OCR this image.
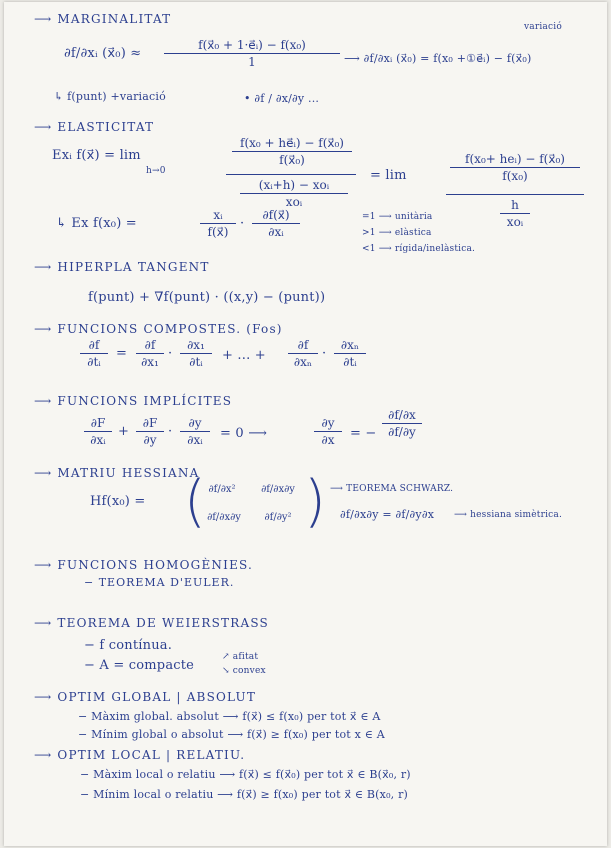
⟶ MARGINALITAT
∂f/∂xᵢ (x⃗₀) ≈ $\frac{\text{f(x⃗₀ + 1·e⃗ᵢ) − f(x₀)}}{1}$ ⟶ ∂f/∂xᵢ (x⃗₀) = f(x₀ +①e⃗ᵢ) − f(x⃗₀)
variació
↳ f(punt) +variació	• ∂f / ∂x/∂y ...
⟶ ELASTICITAT
Exᵢ f(x⃗) = lim
h→0
$\frac{\text{f(x₀ + he⃗ᵢ) − f(x⃗₀)}}{\text{f(x⃗₀)}}$
(xᵢ+h) − xoᵢ
xoᵢ
= lim
f(x₀+ heᵢ) − f(x⃗₀)
f(x₀)
h
xoᵢ
↳ Ex f(x₀) =	$\frac{\text{xᵢ}}{f(x⃗)} \cdot \frac{\partial f(x⃗)}{\text{∂xᵢ}}$	=1 ⟶ unitària
>1 ⟶ elàstica
<1 ⟶ rígida/inelàstica.
⟶ HIPERPLA TANGENT
f(punt) + ∇f(punt) · ((x,y) − (punt))
⟶ FUNCIONS COMPOSTES. (Fos)
$\frac{\partial f}{\text{∂tᵢ}} = \frac{\partial f}{\text{∂x₁}} \cdot \frac{\text{∂x₁}}{\text{∂tᵢ}}$ + ... + $\frac{\partial f}{\text{∂xₙ}} \cdot \frac{\text{∂xₙ}}{\text{∂tᵢ}}$
⟶ FUNCIONS IMPLÍCITES
$\frac{\partial F}{\text{∂xᵢ}} + \frac{\partial F}{\partial y} \cdot \frac{\partial y}{\text{∂xᵢ}} = 0$ ⟶	$\frac{\partial y}{\partial x}$ = − $\frac{\partial f/\partial x}{\partial f/\partial y}$
⟶ MATRIU HESSIANA
Hf(x₀) = ( ∂f/∂x²	∂f/∂x∂y
∂f/∂x∂y	∂f/∂y² ) ⟶ TEOREMA SCHWARZ.
∂f/∂x∂y = ∂f/∂y∂x ⟶ hessiana simètrica.
⟶ FUNCIONS HOMOGÈNIES.
− TEOREMA D'EULER.
⟶ TEOREMA DE WEIERSTRASS
− f contínua.
− A = compacte
↗ afitat
↘ convex
⟶ OPTIM GLOBAL | ABSOLUT
− Màxim global. absolut ⟶ f(x⃗) ≤ f(x₀) per tot x⃗ ∈ A
− Mínim global o absolut ⟶ f(x⃗) ≥ f(x₀) per tot x ∈ A
⟶ OPTIM LOCAL | RELATIU.
− Màxim local o relatiu ⟶ f(x⃗) ≤ f(x⃗₀) per tot x⃗ ∈ B(x⃗₀, r)
− Mínim local o relatiu ⟶ f(x⃗) ≥ f(x₀) per tot x⃗ ∈ B(x₀, r)
